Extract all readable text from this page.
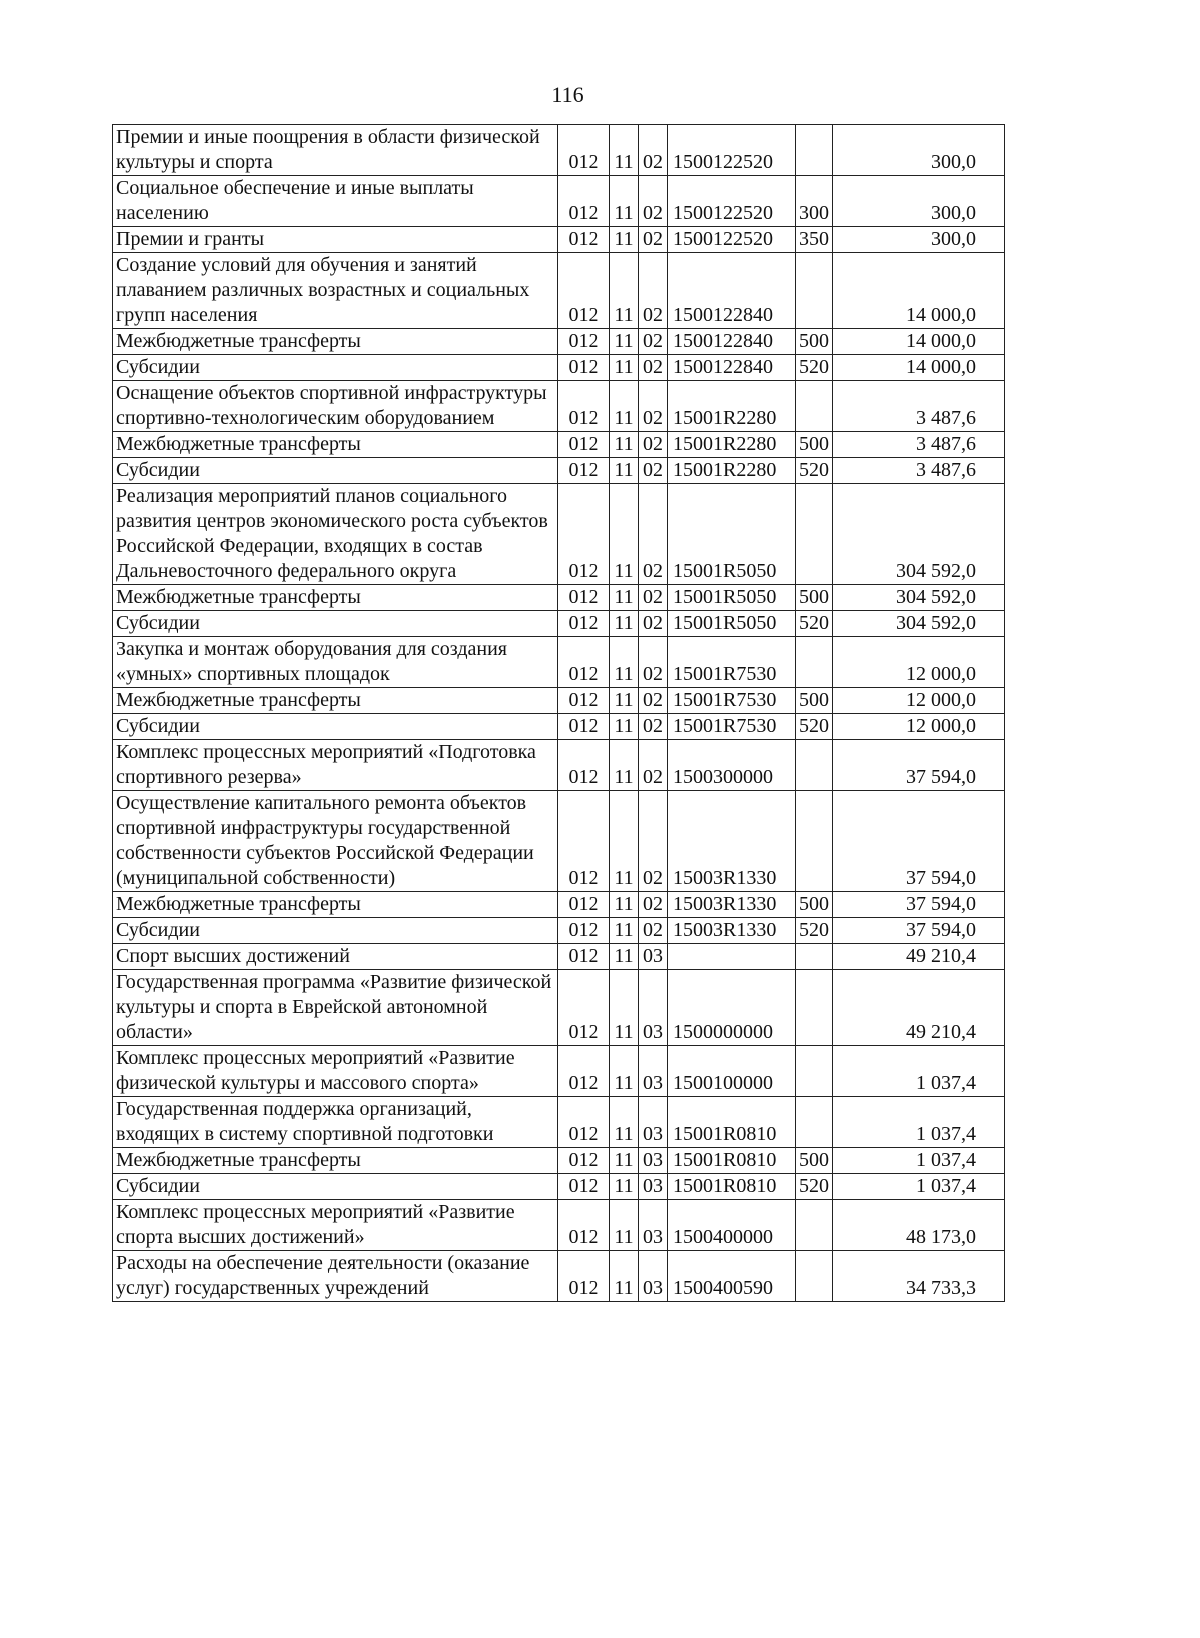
116
Премии и иные поощрения в области физической культуры и спорта	012	11	02	1500122520		300,0
Социальное обеспечение и иные выплаты населению	012	11	02	1500122520	300	300,0
Премии и гранты	012	11	02	1500122520	350	300,0
Создание условий для обучения и занятий плаванием различных возрастных и социальных групп населения	012	11	02	1500122840		14 000,0
Межбюджетные трансферты	012	11	02	1500122840	500	14 000,0
Субсидии	012	11	02	1500122840	520	14 000,0
Оснащение объектов спортивной инфраструктуры спортивно-технологическим оборудованием	012	11	02	15001R2280		3 487,6
Межбюджетные трансферты	012	11	02	15001R2280	500	3 487,6
Субсидии	012	11	02	15001R2280	520	3 487,6
Реализация мероприятий планов социального развития центров экономического роста субъектов Российской Федерации, входящих в состав Дальневосточного федерального округа	012	11	02	15001R5050		304 592,0
Межбюджетные трансферты	012	11	02	15001R5050	500	304 592,0
Субсидии	012	11	02	15001R5050	520	304 592,0
Закупка и монтаж оборудования для создания «умных» спортивных площадок	012	11	02	15001R7530		12 000,0
Межбюджетные трансферты	012	11	02	15001R7530	500	12 000,0
Субсидии	012	11	02	15001R7530	520	12 000,0
Комплекс процессных мероприятий «Подготовка спортивного резерва»	012	11	02	1500300000		37 594,0
Осуществление капитального ремонта объектов спортивной инфраструктуры государственной собственности субъектов Российской Федерации (муниципальной собственности)	012	11	02	15003R1330		37 594,0
Межбюджетные трансферты	012	11	02	15003R1330	500	37 594,0
Субсидии	012	11	02	15003R1330	520	37 594,0
Спорт высших достижений	012	11	03			49 210,4
Государственная программа «Развитие физической культуры и спорта в Еврейской автономной области»	012	11	03	1500000000		49 210,4
Комплекс процессных мероприятий «Развитие физической культуры и массового спорта»	012	11	03	1500100000		1 037,4
Государственная поддержка организаций, входящих в систему спортивной подготовки	012	11	03	15001R0810		1 037,4
Межбюджетные трансферты	012	11	03	15001R0810	500	1 037,4
Субсидии	012	11	03	15001R0810	520	1 037,4
Комплекс процессных мероприятий «Развитие спорта высших достижений»	012	11	03	1500400000		48 173,0
Расходы на обеспечение деятельности (оказание услуг) государственных учреждений	012	11	03	1500400590		34 733,3
